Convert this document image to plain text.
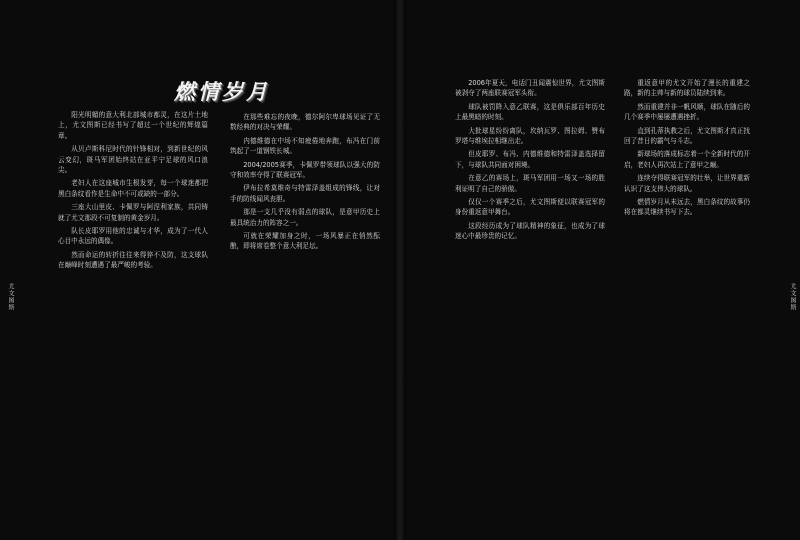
尤文图斯	尤文图斯
燃情岁月

阳光明媚的意大利北部城市都灵，在这片土地上，尤文图斯已经书写了超过一个世纪的辉煌篇章。

从贝卢斯科尼时代的针锋相对，到新世纪的风云变幻，斑马军团始终站在亚平宁足球的风口浪尖。

老妇人在这座城市生根发芽，每一个球迷都把黑白条纹看作是生命中不可或缺的一部分。

三座大山里皮、卡佩罗与阿涅利家族，共同铸就了尤文那段不可复制的黄金岁月。

队长皮耶罗用他的忠诚与才华，成为了一代人心目中永远的偶像。

然而命运的转折往往来得猝不及防，这支球队在巅峰时刻遭遇了最严峻的考验。

在那些难忘的夜晚，德尔阿尔卑球场见证了无数经典的对决与荣耀。

内德维德在中场不知疲倦地奔跑，布冯在门前筑起了一道钢铁长城。

2004/2005赛季，卡佩罗带领球队以强大的防守和效率夺得了联赛冠军。

伊布拉希莫维奇与特雷泽盖组成的锋线，让对手的防线闻风丧胆。

那是一支几乎没有弱点的球队，是意甲历史上最具统治力的阵容之一。

可就在荣耀加身之时，一场风暴正在悄然酝酿，即将席卷整个意大利足坛。

2006年夏天，电话门丑闻震惊世界，尤文图斯被剥夺了两座联赛冠军头衔。

球队被罚降入意乙联赛，这是俱乐部百年历史上最黑暗的时刻。

大批球星纷纷离队，坎纳瓦罗、图拉姆、赞布罗塔与维埃拉相继出走。

但皮耶罗、布冯、内德维德和特雷泽盖选择留下，与球队共同面对困境。

在意乙的赛场上，斑马军团用一场又一场的胜利证明了自己的骄傲。

仅仅一个赛季之后，尤文图斯便以联赛冠军的身份重返意甲舞台。

这段经历成为了球队精神的象征，也成为了球迷心中最珍贵的记忆。

重返意甲的尤文开始了漫长的重建之路，新的主帅与新的球员陆续到来。

然而重建并非一帆风顺，球队在随后的几个赛季中屡屡遭遇挫折。

直到孔蒂执教之后，尤文图斯才真正找回了昔日的霸气与斗志。

新球场的落成标志着一个全新时代的开启，老妇人再次站上了意甲之巅。

连续夺得联赛冠军的壮举，让世界重新认识了这支伟大的球队。

燃情岁月从未远去，黑白条纹的故事仍将在都灵继续书写下去。
